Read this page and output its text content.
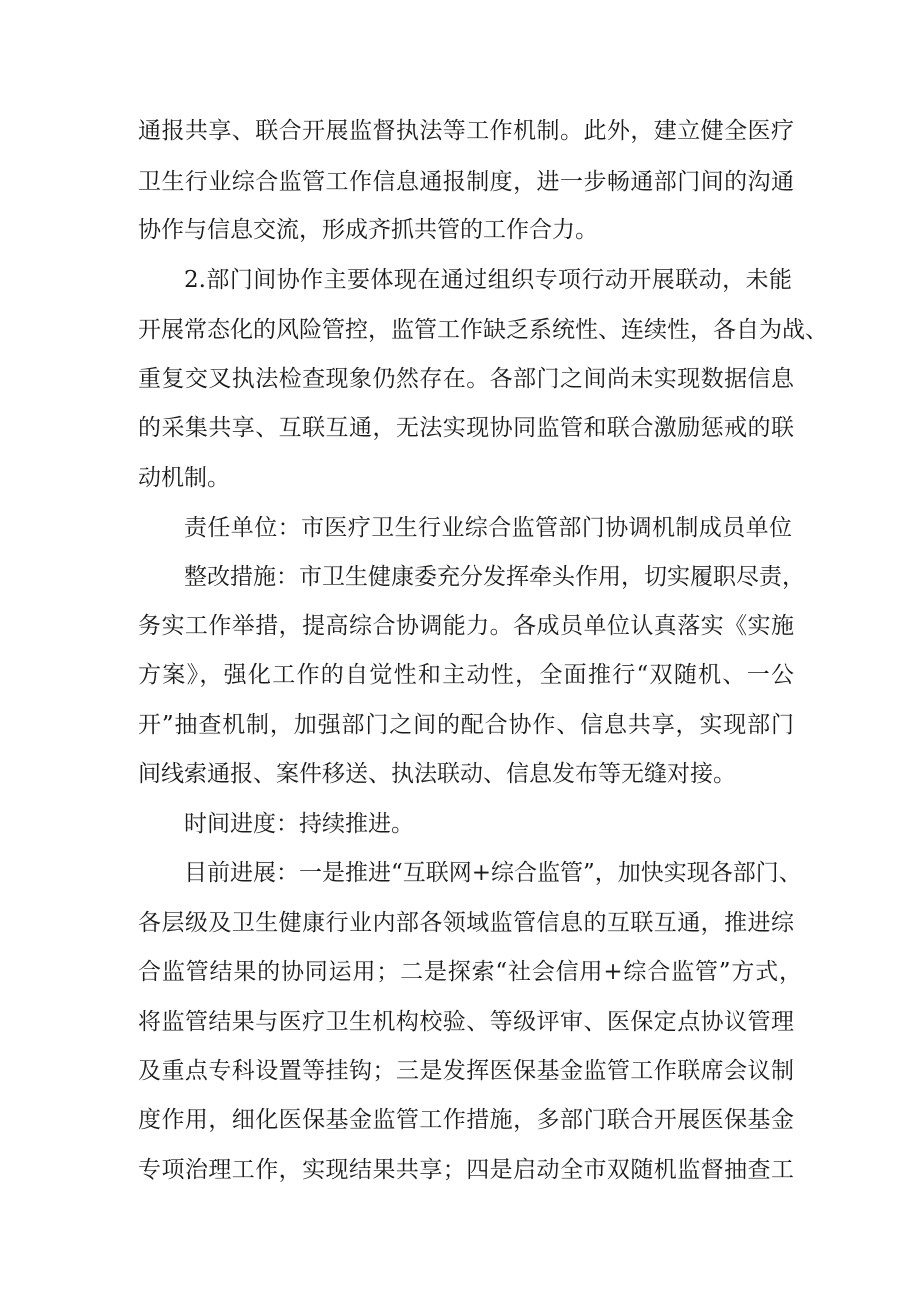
通报共享、联合开展监督执法等工作机制。此外，建立健全医疗
卫生行业综合监管工作信息通报制度，进一步畅通部门间的沟通
协作与信息交流，形成齐抓共管的工作合力。
2.部门间协作主要体现在通过组织专项行动开展联动，未能
开展常态化的风险管控，监管工作缺乏系统性、连续性，各自为战、
重复交叉执法检查现象仍然存在。各部门之间尚未实现数据信息
的采集共享、互联互通，无法实现协同监管和联合激励惩戒的联
动机制。
责任单位：市医疗卫生行业综合监管部门协调机制成员单位
整改措施：市卫生健康委充分发挥牵头作用，切实履职尽责，
务实工作举措，提高综合协调能力。各成员单位认真落实《实施
方案》，强化工作的自觉性和主动性，全面推行“双随机、一公
开”抽查机制，加强部门之间的配合协作、信息共享，实现部门
间线索通报、案件移送、执法联动、信息发布等无缝对接。
时间进度：持续推进。
目前进展：一是推进“互联网+综合监管”，加快实现各部门、
各层级及卫生健康行业内部各领域监管信息的互联互通，推进综
合监管结果的协同运用；二是探索“社会信用+综合监管”方式，
将监管结果与医疗卫生机构校验、等级评审、医保定点协议管理
及重点专科设置等挂钩；三是发挥医保基金监管工作联席会议制
度作用，细化医保基金监管工作措施，多部门联合开展医保基金
专项治理工作，实现结果共享；四是启动全市双随机监督抽查工
